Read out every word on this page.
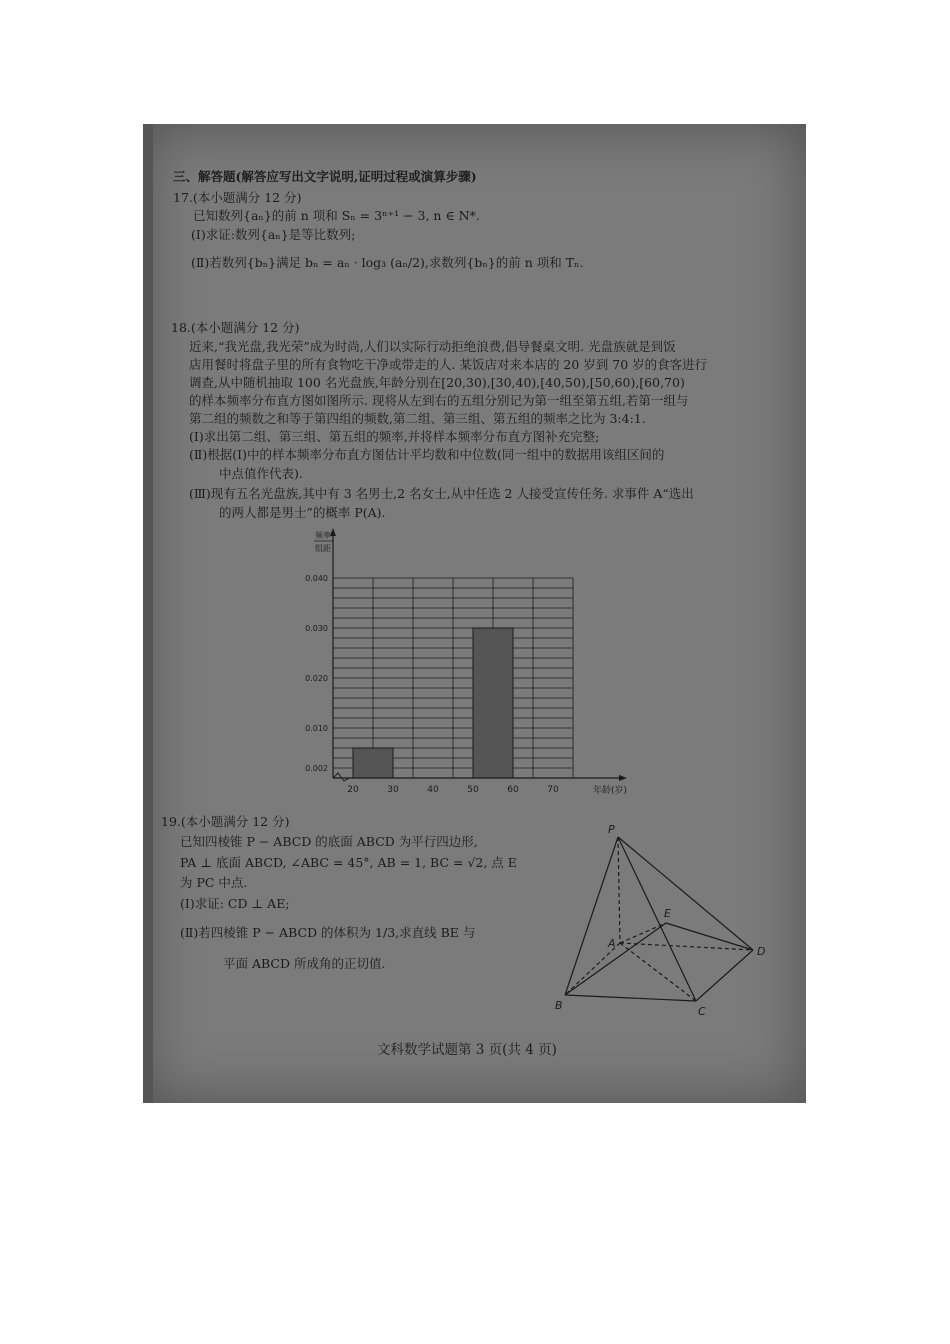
三、解答题(解答应写出文字说明,证明过程或演算步骤)
17.(本小题满分 12 分)
已知数列{aₙ}的前 n 项和 Sₙ = 3ⁿ⁺¹ − 3, n ∈ N*.
(Ⅰ)求证:数列{aₙ}是等比数列;
(Ⅱ)若数列{bₙ}满足 bₙ = aₙ · log₃ (aₙ/2),求数列{bₙ}的前 n 项和 Tₙ.
18.(本小题满分 12 分)
近来,“我光盘,我光荣”成为时尚,人们以实际行动拒绝浪费,倡导餐桌文明. 光盘族就是到饭
店用餐时将盘子里的所有食物吃干净或带走的人. 某饭店对来本店的 20 岁到 70 岁的食客进行
调查,从中随机抽取 100 名光盘族,年龄分别在[20,30),[30,40),[40,50),[50,60),[60,70)
的样本频率分布直方图如图所示. 现将从左到右的五组分别记为第一组至第五组,若第一组与
第二组的频数之和等于第四组的频数,第二组、第三组、第五组的频率之比为 3:4:1.
(Ⅰ)求出第二组、第三组、第五组的频率,并将样本频率分布直方图补充完整;
(Ⅱ)根据(Ⅰ)中的样本频率分布直方图估计平均数和中位数(同一组中的数据用该组区间的
中点值作代表).
(Ⅲ)现有五名光盘族,其中有 3 名男士,2 名女士,从中任选 2 人接受宣传任务. 求事件 A“选出
的两人都是男士”的概率 P(A).
0.002
0.010
0.020
0.030
0.040
20	30	40	50	60	70
频率
组距
年龄(岁)
19.(本小题满分 12 分)
已知四棱锥 P − ABCD 的底面 ABCD 为平行四边形,
PA ⊥ 底面 ABCD, ∠ABC = 45°, AB = 1, BC = √2, 点 E
为 PC 中点.
(Ⅰ)求证: CD ⊥ AE;
(Ⅱ)若四棱锥 P − ABCD 的体积为 1/3,求直线 BE 与
平面 ABCD 所成角的正切值.
P
A
B	C
D
E
文科数学试题第 3 页(共 4 页)
